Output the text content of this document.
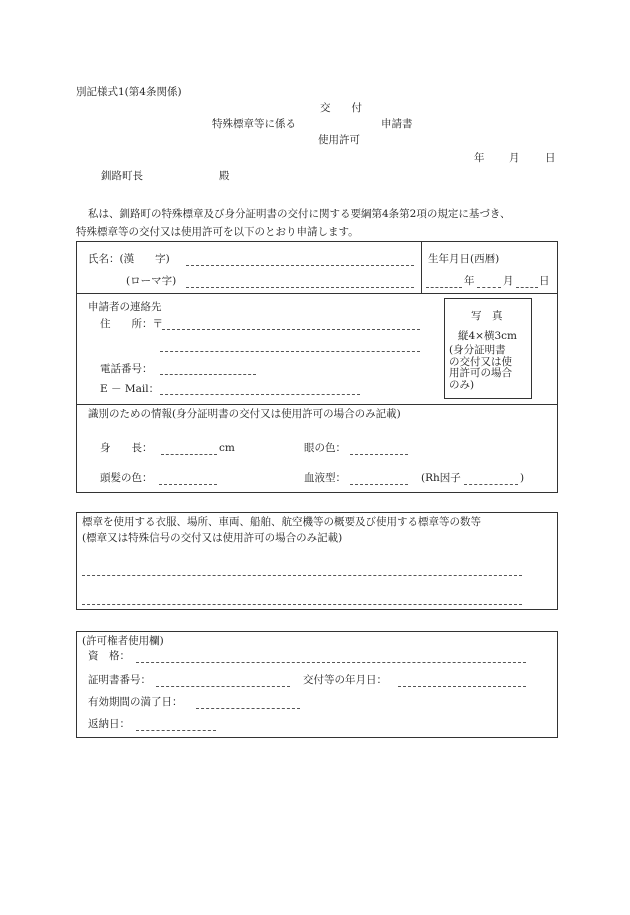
別記様式1(第4条関係)
交　　付
特殊標章等に係る	申請書
使用許可
年 月 日
釧路町長	殿
私は、釧路町の特殊標章及び身分証明書の交付に関する要綱第4条第2項の規定に基づき、
特殊標章等の交付又は使用許可を以下のとおり申請します。
氏名：(漢　　字)
(ローマ字)
生年月日(西暦)
年	月 日
申請者の連絡先
住　　所：〒
電話番号：
E － Mail：
写　真
縦4×横3cm
(身分証明書
の交付又は使
用許可の場合
のみ)
識別のための情報(身分証明書の交付又は使用許可の場合のみ記載)
身　　長：	cm	眼の色：
頭髪の色：	血液型：	(Rh因子	)
標章を使用する衣服、場所、車両、船舶、航空機等の概要及び使用する標章等の数等
(標章又は特殊信号の交付又は使用許可の場合のみ記載)
(許可権者使用欄)
資　格：
証明書番号：	交付等の年月日：
有効期間の満了日：
返納日：
